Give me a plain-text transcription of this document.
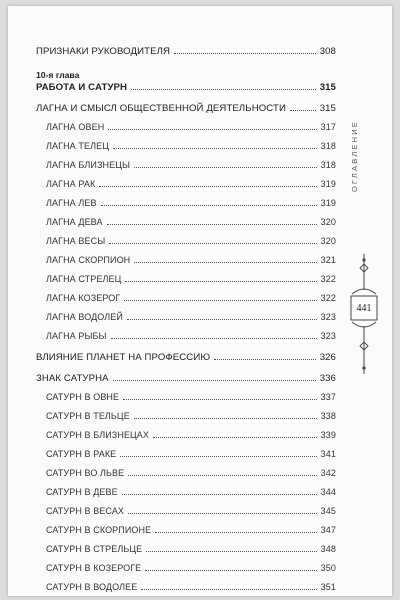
ПРИЗНАКИ РУКОВОДИТЕЛЯ	308
10-я глава
РАБОТА И САТУРН	315
ЛАГНА И СМЫСЛ ОБЩЕСТВЕННОЙ ДЕЯТЕЛЬНОСТИ	315
ЛАГНА ОВЕН	317
ЛАГНА ТЕЛЕЦ	318
ЛАГНА БЛИЗНЕЦЫ	318
ЛАГНА РАК	319
ЛАГНА ЛЕВ	319
ЛАГНА ДЕВА	320
ЛАГНА ВЕСЫ	320
ЛАГНА СКОРПИОН	321
ЛАГНА СТРЕЛЕЦ	322
ЛАГНА КОЗЕРОГ	322
ЛАГНА ВОДОЛЕЙ	323
ЛАГНА РЫБЫ	323
ВЛИЯНИЕ ПЛАНЕТ НА ПРОФЕССИЮ	326
ЗНАК САТУРНА	336
САТУРН В ОВНЕ	337
САТУРН В ТЕЛЬЦЕ	338
САТУРН В БЛИЗНЕЦАХ	339
САТУРН В РАКЕ	341
САТУРН ВО ЛЬВЕ	342
САТУРН В ДЕВЕ	344
САТУРН В ВЕСАХ	345
САТУРН В СКОРПИОНЕ	347
САТУРН В СТРЕЛЬЦЕ	348
САТУРН В КОЗЕРОГЕ	350
САТУРН В ВОДОЛЕЕ	351
ОГЛАВЛЕНИЕ
441
